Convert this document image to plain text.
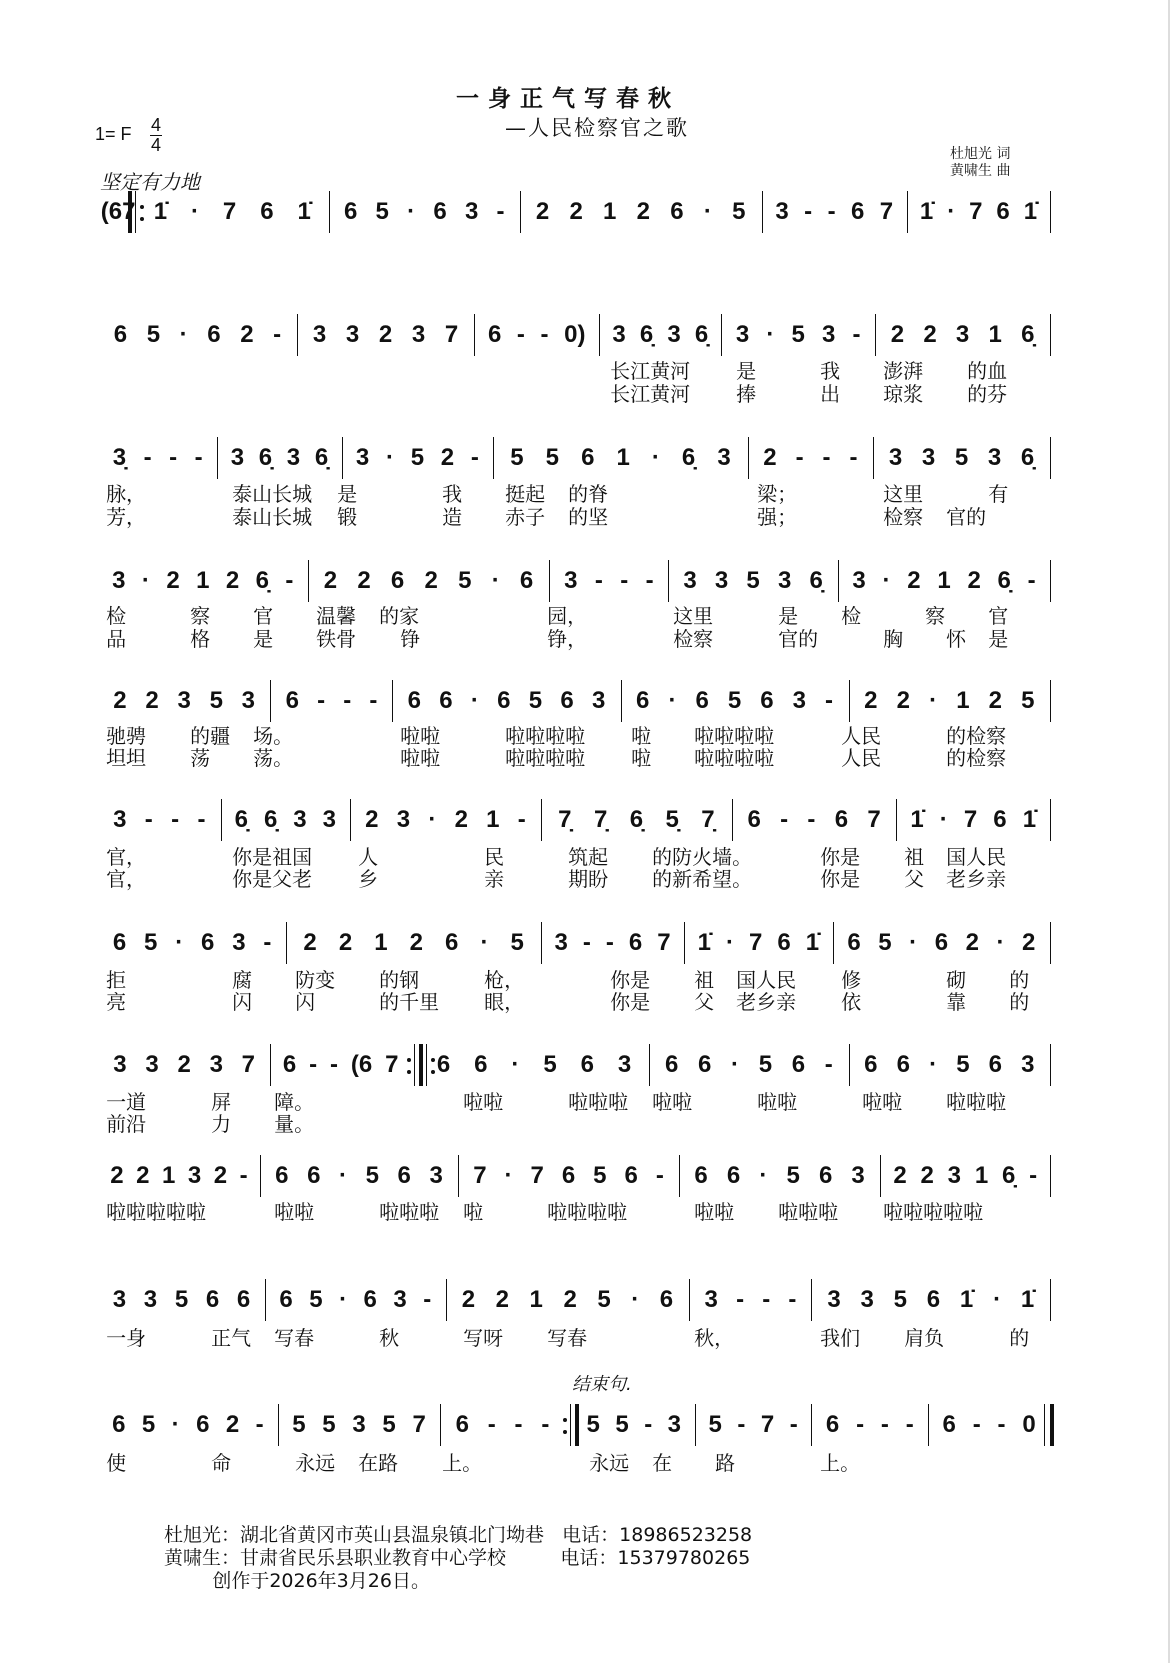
一身正气写春秋
—人民检察官之歌
1= F 4
4
坚定有力地
杜旭光 词
黄啸生 曲
结束句.
(6 7 1̇ · 7 6 1̇ 6 5 · 6 3 - 2 2 1 2 6 · 5 3 - - 6 7 1̇ · 7 6 1̇
6 5 · 6 2 - 3 3 2 3 7 6 - - 0) 3 6̣ 3 6̣ 3 · 5 3 - 2 2 3 1 6̣
长江黄河 是	我 澎湃 的血
长江黄河 捧	出 琼浆 的芬
3̣ - - - 3 6̣ 3 6̣ 3 · 5 2 - 5 5 6 1 · 6̣ 3 2 - - - 3 3 5 3 6̣
脉，	泰山长城 是	我 挺起 的脊	梁；	这里	有
芳，	泰山长城 锻	造 赤子 的坚	强；	检察 官的
3 · 2 1 2 6̣ - 2 2 6 2 5 · 6 3 - - - 3 3 5 3 6̣ 3 · 2 1 2 6̣ -
检	察 官 温馨 的家	园，	这里	是 检	察 官
品	格 是 铁骨 铮	铮，	检察	官的	胸 怀 是
2 2 3 5 3 6 - - - 6 6 · 6 5 6 3 6 · 6 5 6 3 - 2 2 · 1 2 5
驰骋 的疆 场。	啦啦	啦啦啦啦 啦 啦啦啦啦	人民	的检察
坦坦 荡 荡。	啦啦	啦啦啦啦 啦 啦啦啦啦	人民	的检察
3 - - - 6̣ 6̣ 3 3 2 3 · 2 1 - 7̣ 7̣ 6̣ 5̣ 7̣ 6 - - 6 7 1̇ · 7 6 1̇
官，	你是祖国 人	民	筑起 的防火墙。	你是 祖 国人民
官，	你是父老 乡	亲	期盼 的新希望。	你是 父 老乡亲
6 5 · 6 3 - 2 2 1 2 6 · 5 3 - - 6 7 1̇ · 7 6 1̇ 6 5 · 6 2 · 2
拒	腐 防变 的钢	枪，	你是 祖 国人民 修	砌 的
亮	闪 闪	的千里 眼，	你是 父 老乡亲 依	靠 的
3 3 2 3 7 6 - - (6 7 6 6 · 5 6 3 6 6 · 5 6 - 6 6 · 5 6 3
一道	屏 障。	啦啦	啦啦啦 啦啦	啦啦	啦啦 啦啦啦
前沿	力 量。
2 2 1 3 2 - 6 6 · 5 6 3 7 · 7 6 5 6 - 6 6 · 5 6 3 2 2 3 1 6̣ -
啦啦啦啦啦	啦啦	啦啦啦 啦	啦啦啦啦	啦啦 啦啦啦 啦啦啦啦啦
3 3 5 6 6 6 5 · 6 3 - 2 2 1 2 5 · 6 3 - - - 3 3 5 6 1̇ · 1̇
一身	正气 写春	秋	写呀 写春	秋，	我们 肩负	的
6 5 · 6 2 - 5 5 3 5 7 6 - - - 5 5 - 3 5 - 7 - 6 - - - 6 - - 0
使	命	永远 在路 上。	永远 在 路	上。
杜旭光：湖北省黄冈市英山县温泉镇北门坳巷 电话：18986523258
黄啸生：甘肃省民乐县职业教育中心学校	电话：15379780265
创作于2026年3月26日。
